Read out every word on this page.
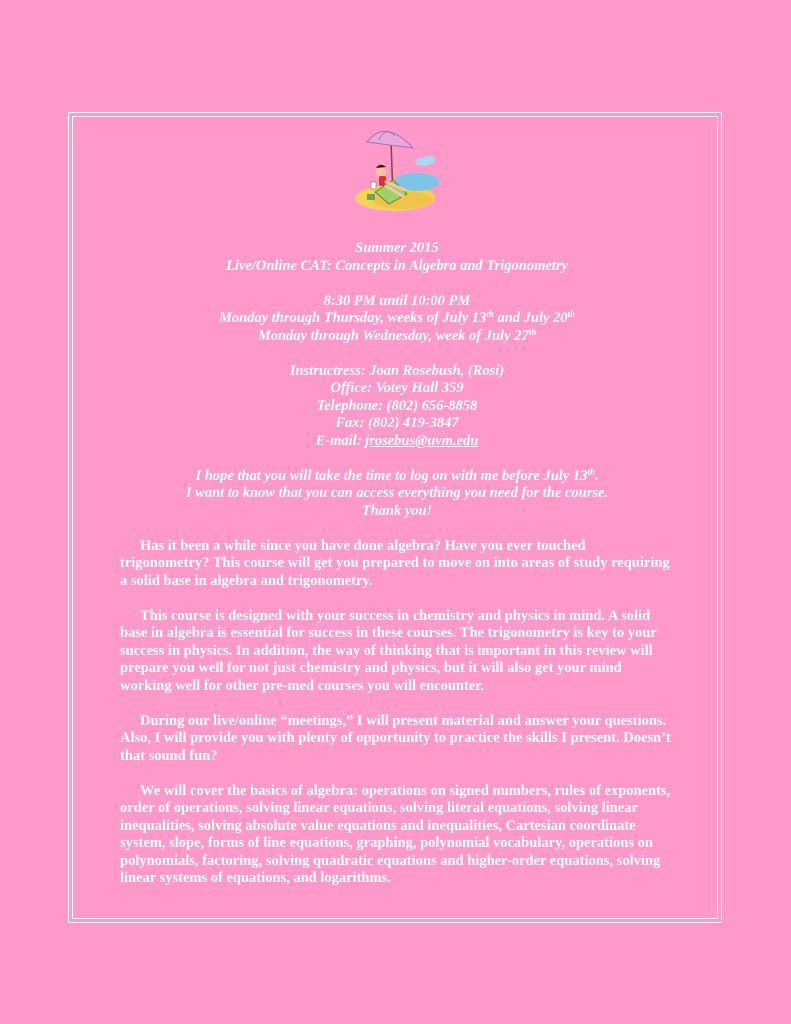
Summer 2015

Live/Online CAT: Concepts in Algebra and Trigonometry

8:30 PM until 10:00 PM

Monday through Thursday, weeks of July 13th and July 20th

Monday through Wednesday, week of July 27th

Instructress: Joan Rosebush, (Rosi)

Office: Votey Hall 359

Telephone: (802) 656-8858

Fax: (802) 419-3847

E-mail: jrosebus@uvm.edu

I hope that you will take the time to log on with me before July 13th.

I want to know that you can access everything you need for the course.

Thank you!

Has it been a while since you have done algebra? Have you ever touched trigonometry? This course will get you prepared to move on into areas of study requiring a solid base in algebra and trigonometry.

This course is designed with your success in chemistry and physics in mind. A solid base in algebra is essential for success in these courses. The trigonometry is key to your success in physics. In addition, the way of thinking that is important in this review will prepare you well for not just chemistry and physics, but it will also get your mind working well for other pre-med courses you will encounter.

During our live/online “meetings,” I will present material and answer your questions. Also, I will provide you with plenty of opportunity to practice the skills I present. Doesn’t that sound fun?

We will cover the basics of algebra: operations on signed numbers, rules of exponents, order of operations, solving linear equations, solving literal equations, solving linear inequalities, solving absolute value equations and inequalities, Cartesian coordinate system, slope, forms of line equations, graphing, polynomial vocabulary, operations on polynomials, factoring, solving quadratic equations and higher-order equations, solving linear systems of equations, and logarithms.
